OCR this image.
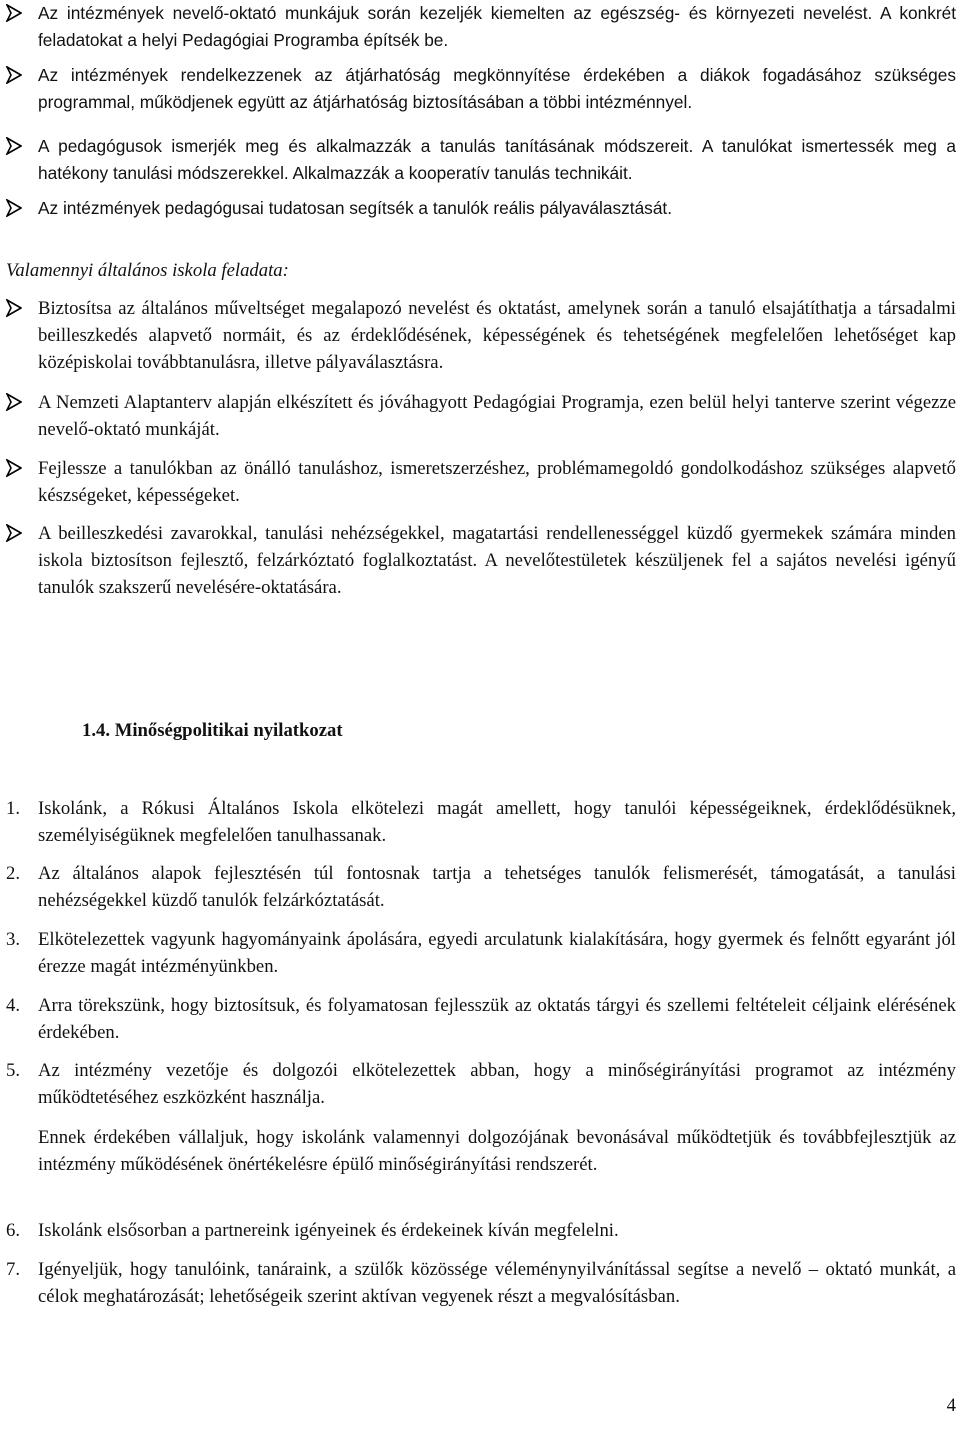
Az intézmények nevelő-oktató munkájuk során kezeljék kiemelten az egészség- és környezeti nevelést. A konkrét feladatokat a helyi Pedagógiai Programba építsék be.
Az intézmények rendelkezzenek az átjárhatóság megkönnyítése érdekében a diákok fogadásához szükséges programmal, működjenek együtt az átjárhatóság biztosításában a többi intézménnyel.
A pedagógusok ismerjék meg és alkalmazzák a tanulás tanításának módszereit. A tanulókat ismertessék meg a hatékony tanulási módszerekkel. Alkalmazzák a kooperatív tanulás technikáit.
Az intézmények pedagógusai tudatosan segítsék a tanulók reális pályaválasztását.
Valamennyi általános iskola feladata:
Biztosítsa az általános műveltséget megalapozó nevelést és oktatást, amelynek során a tanuló elsajátíthatja a társadalmi beilleszkedés alapvető normáit, és az érdeklődésének, képességének és tehetségének megfelelően lehetőséget kap középiskolai továbbtanulásra, illetve pályaválasztásra.
A Nemzeti Alaptanterv alapján elkészített és jóváhagyott Pedagógiai Programja, ezen belül helyi tanterve szerint végezze nevelő-oktató munkáját.
Fejlessze a tanulókban az önálló tanuláshoz, ismeretszerzéshez, problémamegoldó gondolkodáshoz szükséges alapvető készségeket, képességeket.
A beilleszkedési zavarokkal, tanulási nehézségekkel, magatartási rendellenességgel küzdő gyermekek számára minden iskola biztosítson fejlesztő, felzárkóztató foglalkoztatást. A nevelőtestületek készüljenek fel a sajátos nevelési igényű tanulók szakszerű nevelésére-oktatására.
1.4. Minőségpolitikai nyilatkozat
1. Iskolánk, a Rókusi Általános Iskola elkötelezi magát amellett, hogy tanulói képességeiknek, érdeklődésüknek, személyiségüknek megfelelően tanulhassanak.
2. Az általános alapok fejlesztésén túl fontosnak tartja a tehetséges tanulók felismerését, támogatását, a tanulási nehézségekkel küzdő tanulók felzárkóztatását.
3. Elkötelezettek vagyunk hagyományaink ápolására, egyedi arculatunk kialakítására, hogy gyermek és felnőtt egyaránt jól érezze magát intézményünkben.
4. Arra törekszünk, hogy biztosítsuk, és folyamatosan fejlesszük az oktatás tárgyi és szellemi feltételeit céljaink elérésének érdekében.
5. Az intézmény vezetője és dolgozói elkötelezettek abban, hogy a minőségirányítási programot az intézmény működtetéséhez eszközként használja.
Ennek érdekében vállaljuk, hogy iskolánk valamennyi dolgozójának bevonásával működtetjük és továbbfejlesztjük az intézmény működésének önértékelésre épülő minőségirányítási rendszerét.
6. Iskolánk elsősorban a partnereink igényeinek és érdekeinek kíván megfelelni.
7. Igényeljük, hogy tanulóink, tanáraink, a szülők közössége véleménynyilvánítással segítse a nevelő – oktató munkát, a célok meghatározását; lehetőségeik szerint aktívan vegyenek részt a megvalósításban.
4
